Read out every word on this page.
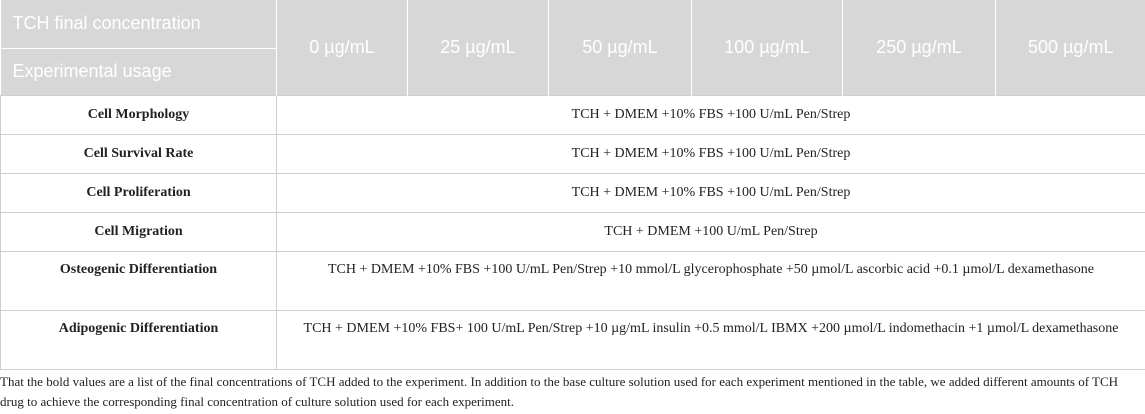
TCH final concentration	0 µg/mL	25 µg/mL	50 µg/mL	100 µg/mL	250 µg/mL	500 µg/mL
Experimental usage						
Cell Morphology	TCH + DMEM +10% FBS +100 U/mL Pen/Strep					
Cell Survival Rate	TCH + DMEM +10% FBS +100 U/mL Pen/Strep					
Cell Proliferation	TCH + DMEM +10% FBS +100 U/mL Pen/Strep					
Cell Migration	TCH + DMEM +100 U/mL Pen/Strep					
Osteogenic Differentiation	TCH + DMEM +10% FBS +100 U/mL Pen/Strep +10 mmol/L glycerophosphate +50 µmol/L ascorbic acid +0.1 µmol/L dexamethasone					
Adipogenic Differentiation	TCH + DMEM +10% FBS+ 100 U/mL Pen/Strep +10 µg/mL insulin +0.5 mmol/L IBMX +200 µmol/L indomethacin +1 µmol/L dexamethasone					

That the bold values are a list of the final concentrations of TCH added to the experiment. In addition to the base culture solution used for each experiment mentioned in the table, we added different amounts of TCH drug to achieve the corresponding final concentration of culture solution used for each experiment.
